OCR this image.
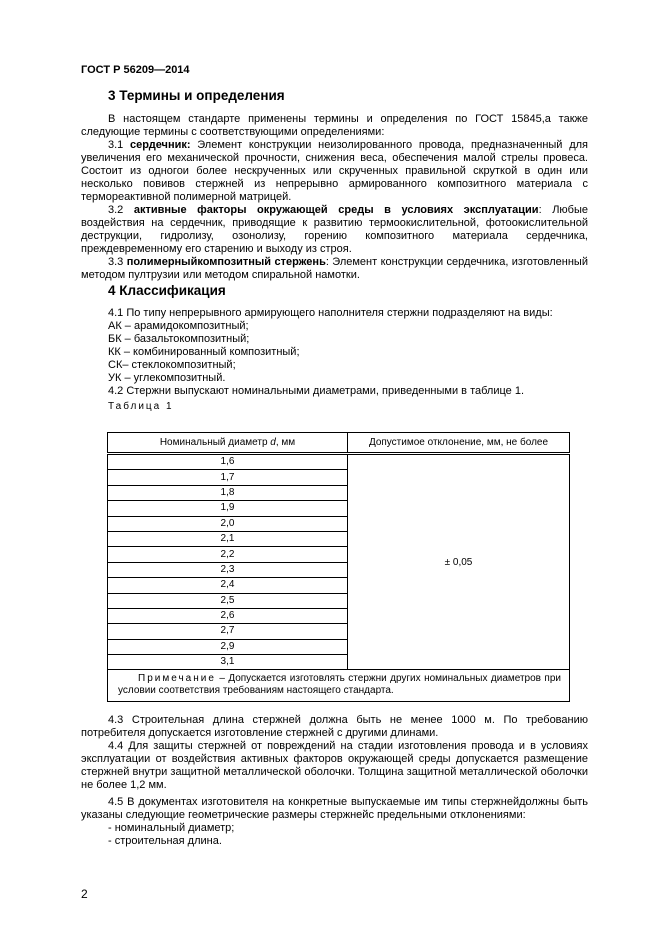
ГОСТ Р 56209—2014
3 Термины и определения

В настоящем стандарте применены термины и определения по ГОСТ 15845,а также следующие термины с соответствующими определениями:

3.1 сердечник: Элемент конструкции неизолированного провода, предназначенный для увеличения его механической прочности, снижения веса, обеспечения малой стрелы провеса. Состоит из одногои более нескрученных или скрученных правильной скруткой в один или несколько повивов стержней из непрерывно армированного композитного материала с термореактивной полимерной матрицей.

3.2 активные факторы окружающей среды в условиях эксплуатации: Любые воздействия на сердечник, приводящие к развитию термоокислительной, фотоокислительной деструкции, гидролизу, озонолизу, горению композитного материала сердечника, преждевременному его старению и выходу из строя.

3.3 полимерныйкомпозитный стержень: Элемент конструкции сердечника, изготовленный методом пултрузии или методом спиральной намотки.

4 Классификация
4.1 По типу непрерывного армирующего наполнителя стержни подразделяют на виды:
АК – арамидокомпозитный;
БК – базальтокомпозитный;
КК – комбинированный композитный;
СК– стеклокомпозитный;
УК – углекомпозитный.
4.2 Стержни выпускают номинальными диаметрами, приведенными в таблице 1.
Таблица 1
Номинальный диаметр d, мм	Допустимое отклонение, мм, не более
1,6	± 0,05
1,7	
1,8	
1,9	
2,0	
2,1	
2,2	
2,3	
2,4	
2,5	
2,6	
2,7	
2,9	
3,1	
Примечание – Допускается изготовлять стержни других номинальных диаметров при условии соответствия требованиям настоящего стандарта.	

4.3 Строительная длина стержней должна быть не менее 1000 м. По требованию потребителя допускается изготовление стержней с другими длинами.

4.4 Для защиты стержней от повреждений на стадии изготовления провода и в условиях эксплуатации от воздействия активных факторов окружающей среды допускается размещение стержней внутри защитной металлической оболочки. Толщина защитной металлической оболочки не более 1,2 мм.

4.5 В документах изготовителя на конкретные выпускаемые им типы стержнейдолжны быть указаны следующие геометрические размеры стержнейс предельными отклонениями:

- номинальный диаметр;

- строительная длина.

2
